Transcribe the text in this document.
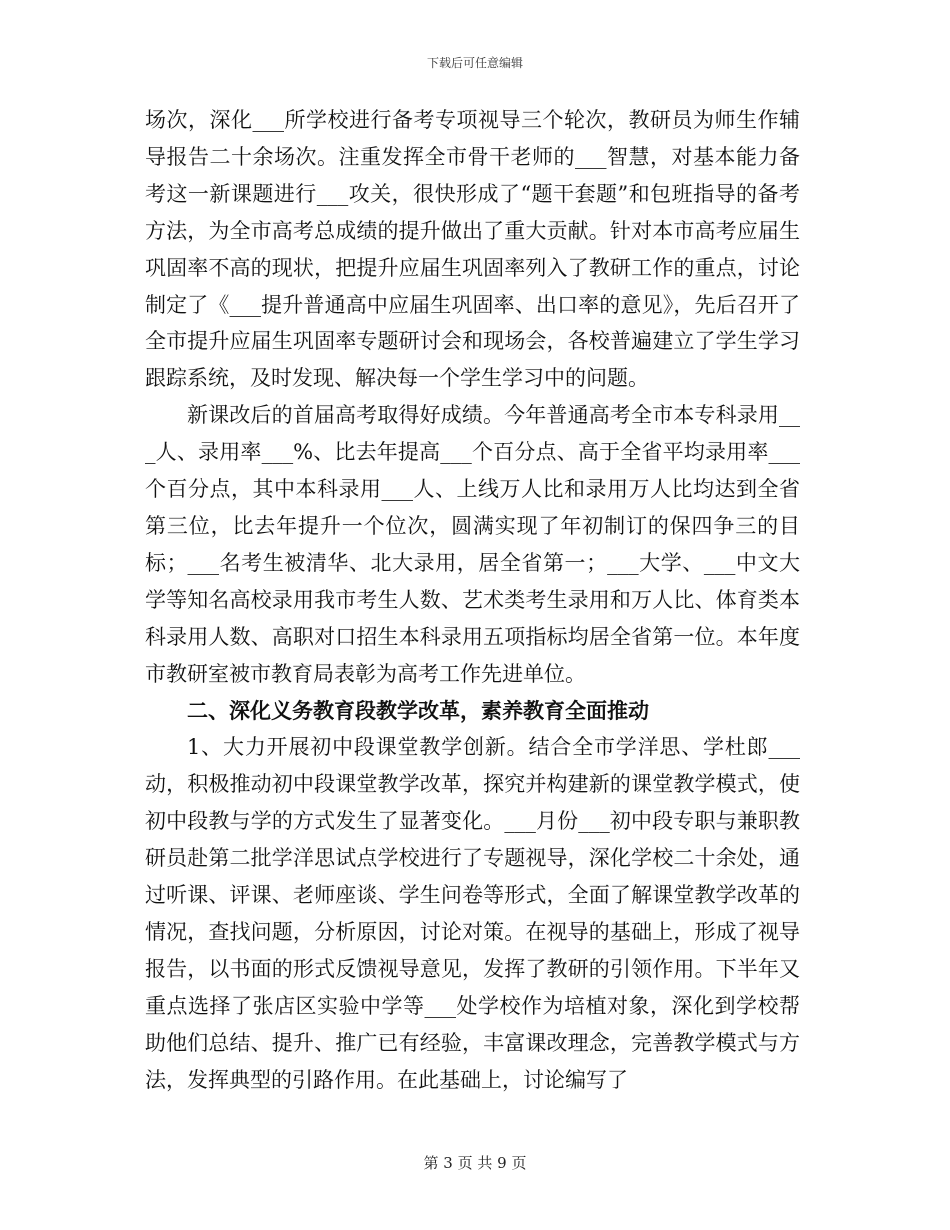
下载后可任意编辑

场次，深化___所学校进行备考专项视导三个轮次，教研员为师生作辅导报告二十余场次。注重发挥全市骨干老师的___智慧，对基本能力备考这一新课题进行___攻关，很快形成了“题干套题”和包班指导的备考方法，为全市高考总成绩的提升做出了重大贡献。针对本市高考应届生巩固率不高的现状，把提升应届生巩固率列入了教研工作的重点，讨论制定了《___提升普通高中应届生巩固率、出口率的意见》，先后召开了全市提升应届生巩固率专题研讨会和现场会，各校普遍建立了学生学习跟踪系统，及时发现、解决每一个学生学习中的问题。

新课改后的首届高考取得好成绩。今年普通高考全市本专科录用___人、录用率___%、比去年提高___个百分点、高于全省平均录用率___个百分点，其中本科录用___人、上线万人比和录用万人比均达到全省第三位，比去年提升一个位次，圆满实现了年初制订的保四争三的目标；___名考生被清华、北大录用，居全省第一；___大学、___中文大学等知名高校录用我市考生人数、艺术类考生录用和万人比、体育类本科录用人数、高职对口招生本科录用五项指标均居全省第一位。本年度市教研室被市教育局表彰为高考工作先进单位。

二、深化义务教育段教学改革，素养教育全面推动

1、大力开展初中段课堂教学创新。结合全市学洋思、学杜郎___动，积极推动初中段课堂教学改革，探究并构建新的课堂教学模式，使初中段教与学的方式发生了显著变化。___月份___初中段专职与兼职教研员赴第二批学洋思试点学校进行了专题视导，深化学校二十余处，通过听课、评课、老师座谈、学生问卷等形式，全面了解课堂教学改革的情况，查找问题，分析原因，讨论对策。在视导的基础上，形成了视导报告，以书面的形式反馈视导意见，发挥了教研的引领作用。下半年又重点选择了张店区实验中学等___处学校作为培植对象，深化到学校帮助他们总结、提升、推广已有经验，丰富课改理念，完善教学模式与方法，发挥典型的引路作用。在此基础上，讨论编写了

第 3 页 共 9 页
